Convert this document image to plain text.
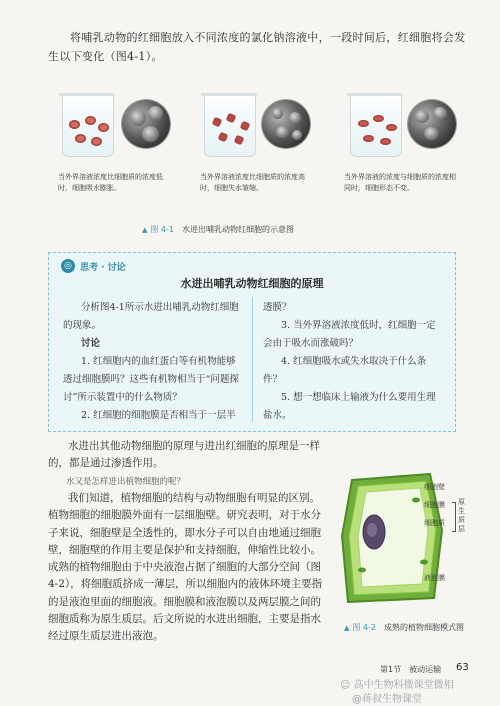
将哺乳动物的红细胞放入不同浓度的氯化钠溶液中，一段时间后，红细胞将会发生以下变化（图4-1）。
当外界溶液浓度比细胞质的浓度低时，细胞吸水膨胀。
当外界溶液浓度比细胞质的浓度高时，细胞失水皱缩。
当外界溶液的浓度与细胞质的浓度相同时，细胞形态不变。
▲ 图 4-1 水进出哺乳动物红细胞的示意图
◎ 思考 · 讨论
水进出哺乳动物红细胞的原理

分析图4-1所示水进出哺乳动物红细胞的现象。

讨论

1. 红细胞内的血红蛋白等有机物能够透过细胞膜吗？这些有机物相当于“问题探讨”所示装置中的什么物质？

2. 红细胞的细胞膜是否相当于一层半

透膜？

3. 当外界溶液浓度低时，红细胞一定会由于吸水而涨破吗？

4. 红细胞吸水或失水取决于什么条件？

5. 想一想临床上输液为什么要用生理盐水。

水进出其他动物细胞的原理与进出红细胞的原理是一样的，都是通过渗透作用。
水又是怎样进出植物细胞的呢？
我们知道，植物细胞的结构与动物细胞有明显的区别。植物细胞的细胞膜外面有一层细胞壁。研究表明，对于水分子来说，细胞壁是全透性的，即水分子可以自由地通过细胞壁，细胞壁的作用主要是保护和支持细胞，伸缩性比较小。成熟的植物细胞由于中央液泡占据了细胞的大部分空间（图4-2），将细胞质挤成一薄层，所以细胞内的液体环境主要指的是液泡里面的细胞液。细胞膜和液泡膜以及两层膜之间的细胞质称为原生质层。后文所说的水进出细胞，主要是指水经过原生质层进出液泡。
细胞壁
细胞膜
细胞质
液泡膜
原生质层
▲ 图 4-2 成熟的植物细胞模式图
第1节　被动运输 63
☺ 高中生物科微课堂微相
@蒋叔生物课堂
